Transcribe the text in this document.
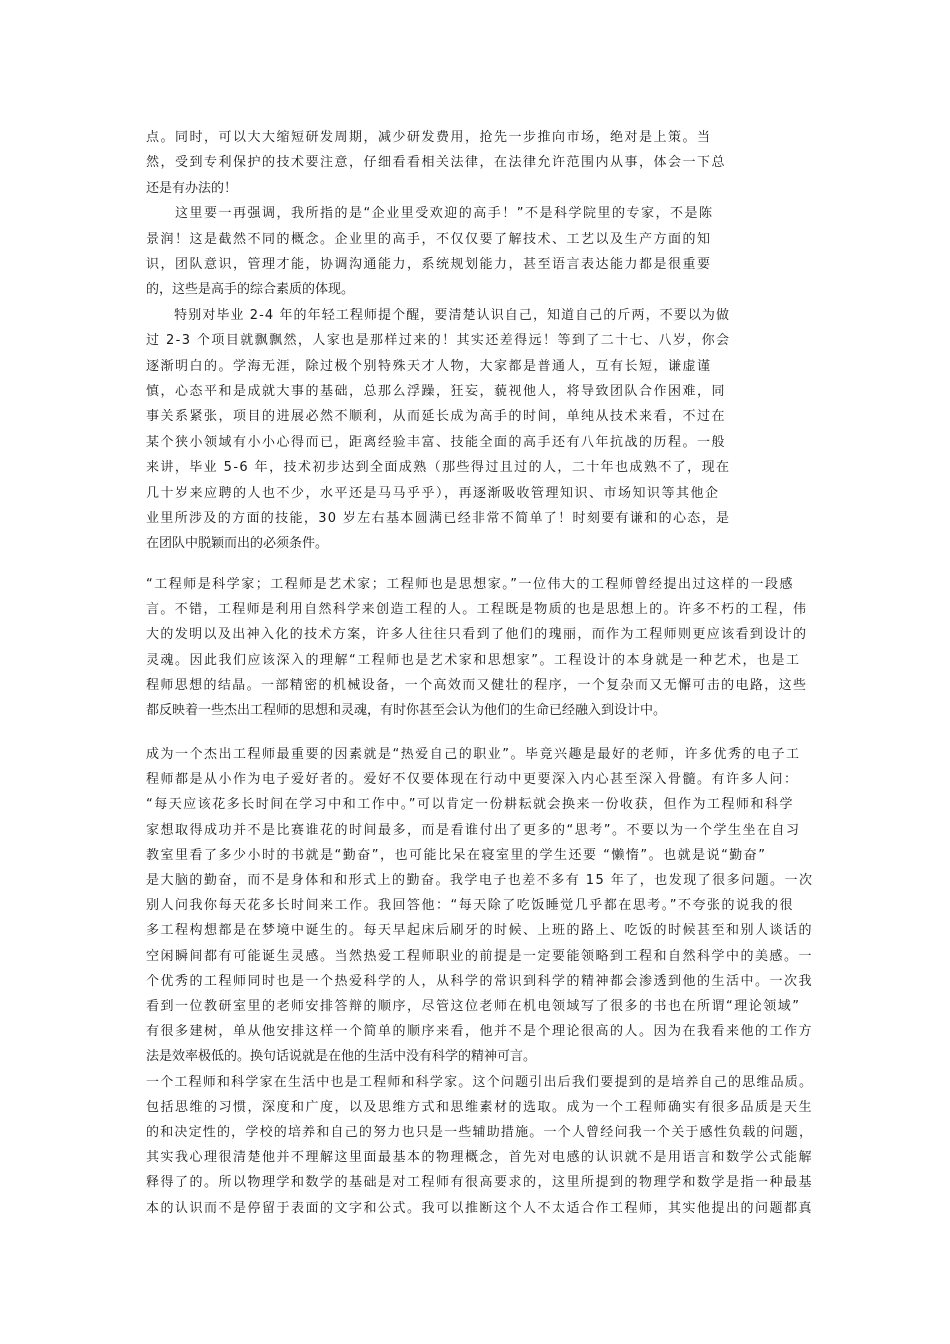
点。同时，可以大大缩短研发周期，减少研发费用，抢先一步推向市场，绝对是上策。当
然，受到专利保护的技术要注意，仔细看看相关法律，在法律允许范围内从事，体会一下总
还是有办法的！
　　这里要一再强调，我所指的是“企业里受欢迎的高手！”不是科学院里的专家，不是陈
景润！这是截然不同的概念。企业里的高手，不仅仅要了解技术、工艺以及生产方面的知
识，团队意识，管理才能，协调沟通能力，系统规划能力，甚至语言表达能力都是很重要
的，这些是高手的综合素质的体现。
　　特别对毕业 2-4 年的年轻工程师提个醒，要清楚认识自己，知道自己的斤两，不要以为做
过 2-3 个项目就飘飘然，人家也是那样过来的！其实还差得远！等到了二十七、八岁，你会
逐渐明白的。学海无涯，除过极个别特殊天才人物，大家都是普通人，互有长短，谦虚谨
慎，心态平和是成就大事的基础，总那么浮躁，狂妄，藐视他人，将导致团队合作困难，同
事关系紧张，项目的进展必然不顺利，从而延长成为高手的时间，单纯从技术来看，不过在
某个狭小领域有小小心得而已，距离经验丰富、技能全面的高手还有八年抗战的历程。一般
来讲，毕业 5-6 年，技术初步达到全面成熟（那些得过且过的人，二十年也成熟不了，现在
几十岁来应聘的人也不少，水平还是马马乎乎），再逐渐吸收管理知识、市场知识等其他企
业里所涉及的方面的技能，30 岁左右基本圆满已经非常不简单了！时刻要有谦和的心态，是
在团队中脱颖而出的必须条件。
“工程师是科学家；工程师是艺术家；工程师也是思想家。”一位伟大的工程师曾经提出过这样的一段感
言。不错，工程师是利用自然科学来创造工程的人。工程既是物质的也是思想上的。许多不朽的工程，伟
大的发明以及出神入化的技术方案，许多人往往只看到了他们的瑰丽，而作为工程师则更应该看到设计的
灵魂。因此我们应该深入的理解“工程师也是艺术家和思想家”。工程设计的本身就是一种艺术，也是工
程师思想的结晶。一部精密的机械设备，一个高效而又健壮的程序，一个复杂而又无懈可击的电路，这些
都反映着一些杰出工程师的思想和灵魂，有时你甚至会认为他们的生命已经融入到设计中。
成为一个杰出工程师最重要的因素就是“热爱自己的职业”。毕竟兴趣是最好的老师，许多优秀的电子工
程师都是从小作为电子爱好者的。爱好不仅要体现在行动中更要深入内心甚至深入骨髓。有许多人问：
“每天应该花多长时间在学习中和工作中。”可以肯定一份耕耘就会换来一份收获，但作为工程师和科学
家想取得成功并不是比赛谁花的时间最多，而是看谁付出了更多的“思考”。不要以为一个学生坐在自习
教室里看了多少小时的书就是“勤奋”，也可能比呆在寝室里的学生还要 “懒惰”。也就是说“勤奋”
是大脑的勤奋，而不是身体和和形式上的勤奋。我学电子也差不多有 15 年了，也发现了很多问题。一次
别人问我你每天花多长时间来工作。我回答他：“每天除了吃饭睡觉几乎都在思考。”不夸张的说我的很
多工程构想都是在梦境中诞生的。每天早起床后刷牙的时候、上班的路上、吃饭的时候甚至和别人谈话的
空闲瞬间都有可能诞生灵感。当然热爱工程师职业的前提是一定要能领略到工程和自然科学中的美感。一
个优秀的工程师同时也是一个热爱科学的人，从科学的常识到科学的精神都会渗透到他的生活中。一次我
看到一位教研室里的老师安排答辩的顺序，尽管这位老师在机电领域写了很多的书也在所谓“理论领域”
有很多建树，单从他安排这样一个简单的顺序来看，他并不是个理论很高的人。因为在我看来他的工作方
法是效率极低的。换句话说就是在他的生活中没有科学的精神可言。
一个工程师和科学家在生活中也是工程师和科学家。这个问题引出后我们要提到的是培养自己的思维品质。
包括思维的习惯，深度和广度，以及思维方式和思维素材的选取。成为一个工程师确实有很多品质是天生
的和决定性的，学校的培养和自己的努力也只是一些辅助措施。一个人曾经问我一个关于感性负载的问题，
其实我心理很清楚他并不理解这里面最基本的物理概念，首先对电感的认识就不是用语言和数学公式能解
释得了的。所以物理学和数学的基础是对工程师有很高要求的，这里所提到的物理学和数学是指一种最基
本的认识而不是停留于表面的文字和公式。我可以推断这个人不太适合作工程师，其实他提出的问题都真
